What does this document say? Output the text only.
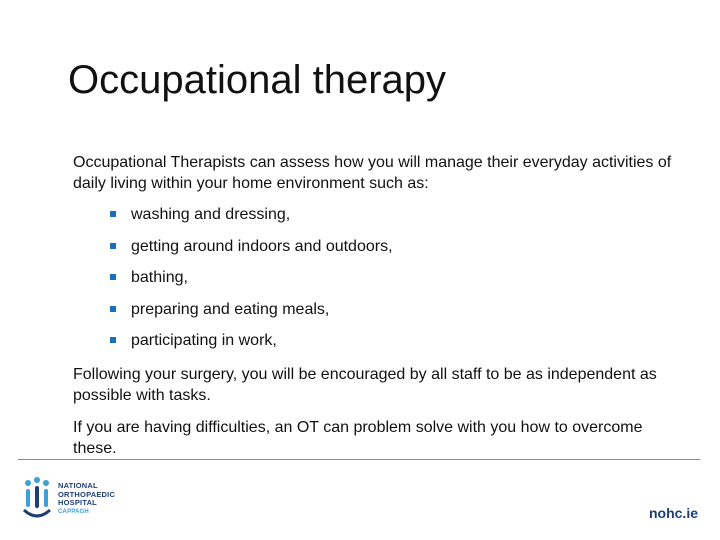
Occupational therapy

Occupational Therapists can assess how you will manage their everyday activities of daily living within your home environment such as:

washing and dressing,
getting around indoors and outdoors,
bathing,
preparing and eating meals,
participating in work,

Following your surgery, you will be encouraged by all staff to be as independent as possible with tasks.

If you are having difficulties, an OT can problem solve with you how to overcome these.

NATIONAL
ORTHOPAEDIC
HOSPITAL
CAPPAGH	nohc.ie
